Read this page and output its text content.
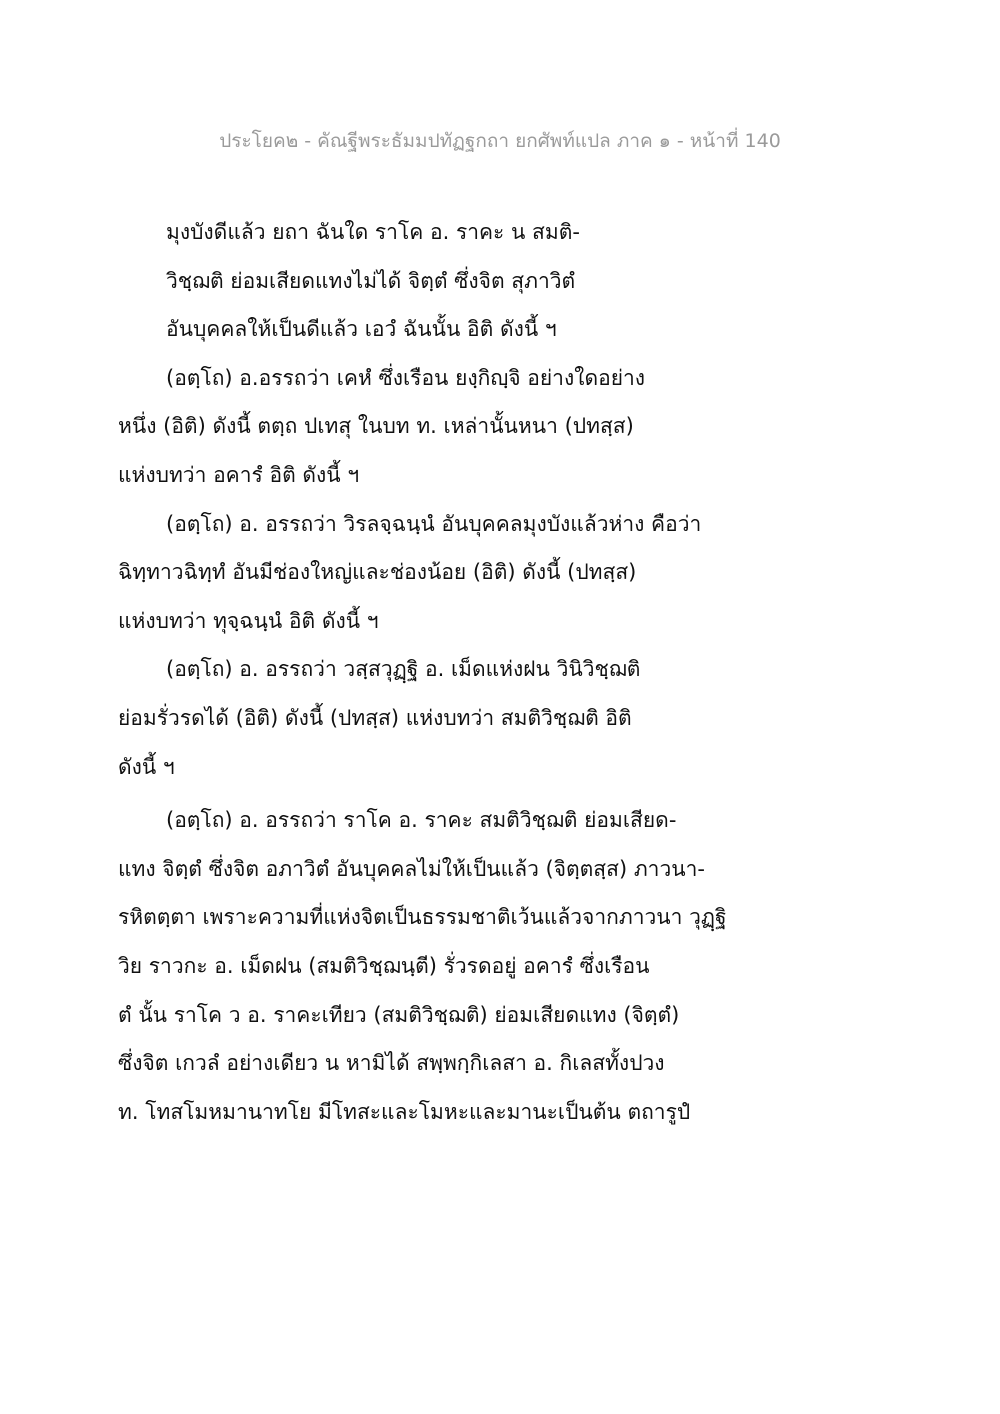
ประโยค๒ - คัณฐีพระธัมมปทัฏฐกถา ยกศัพท์แปล ภาค ๑ - หน้าที่ 140
มุงบังดีแล้ว ยถา ฉันใด ราโค อ. ราคะ น สมติ-
วิชฺฌติ ย่อมเสียดแทงไม่ได้ จิตฺตํ ซึ่งจิต สุภาวิตํ
อันบุคคลให้เป็นดีแล้ว เอวํ ฉันนั้น อิติ ดังนี้ ฯ
(อตฺโถ) อ.อรรถว่า เคหํ ซึ่งเรือน ยงฺกิญฺจิ อย่างใดอย่าง
หนึ่ง (อิติ) ดังนี้ ตตฺถ ปเทสุ ในบท ท. เหล่านั้นหนา (ปทสฺส)
แห่งบทว่า อคารํ อิติ ดังนี้ ฯ
(อตฺโถ) อ. อรรถว่า วิรลจฺฉนฺนํ อันบุคคลมุงบังแล้วห่าง คือว่า
ฉิทฺทาวฉิทฺทํ อันมีช่องใหญ่และช่องน้อย (อิติ) ดังนี้ (ปทสฺส)
แห่งบทว่า ทุจฺฉนฺนํ อิติ ดังนี้ ฯ
(อตฺโถ) อ. อรรถว่า วสฺสวุฏฺฐิ อ. เม็ดแห่งฝน วินิวิชฺฌติ
ย่อมรั่วรดได้ (อิติ) ดังนี้ (ปทสฺส) แห่งบทว่า สมติวิชฺฌติ อิติ
ดังนี้ ฯ
(อตฺโถ) อ. อรรถว่า ราโค อ. ราคะ สมติวิชฺฌติ ย่อมเสียด-
แทง จิตฺตํ ซึ่งจิต อภาวิตํ อันบุคคลไม่ให้เป็นแล้ว (จิตฺตสฺส) ภาวนา-
รหิตตฺตา เพราะความที่แห่งจิตเป็นธรรมชาติเว้นแล้วจากภาวนา วุฏฺฐิ
วิย ราวกะ อ. เม็ดฝน (สมติวิชฺฌนฺตี) รั่วรดอยู่ อคารํ ซึ่งเรือน
ตํ นั้น ราโค ว อ. ราคะเทียว (สมติวิชฺฌติ) ย่อมเสียดแทง (จิตฺตํ)
ซึ่งจิต เกวลํ อย่างเดียว น หามิได้ สพฺพกฺกิเลสา อ. กิเลสทั้งปวง
ท. โทสโมหมานาทโย มีโทสะและโมหะและมานะเป็นต้น ตถารูปํ
